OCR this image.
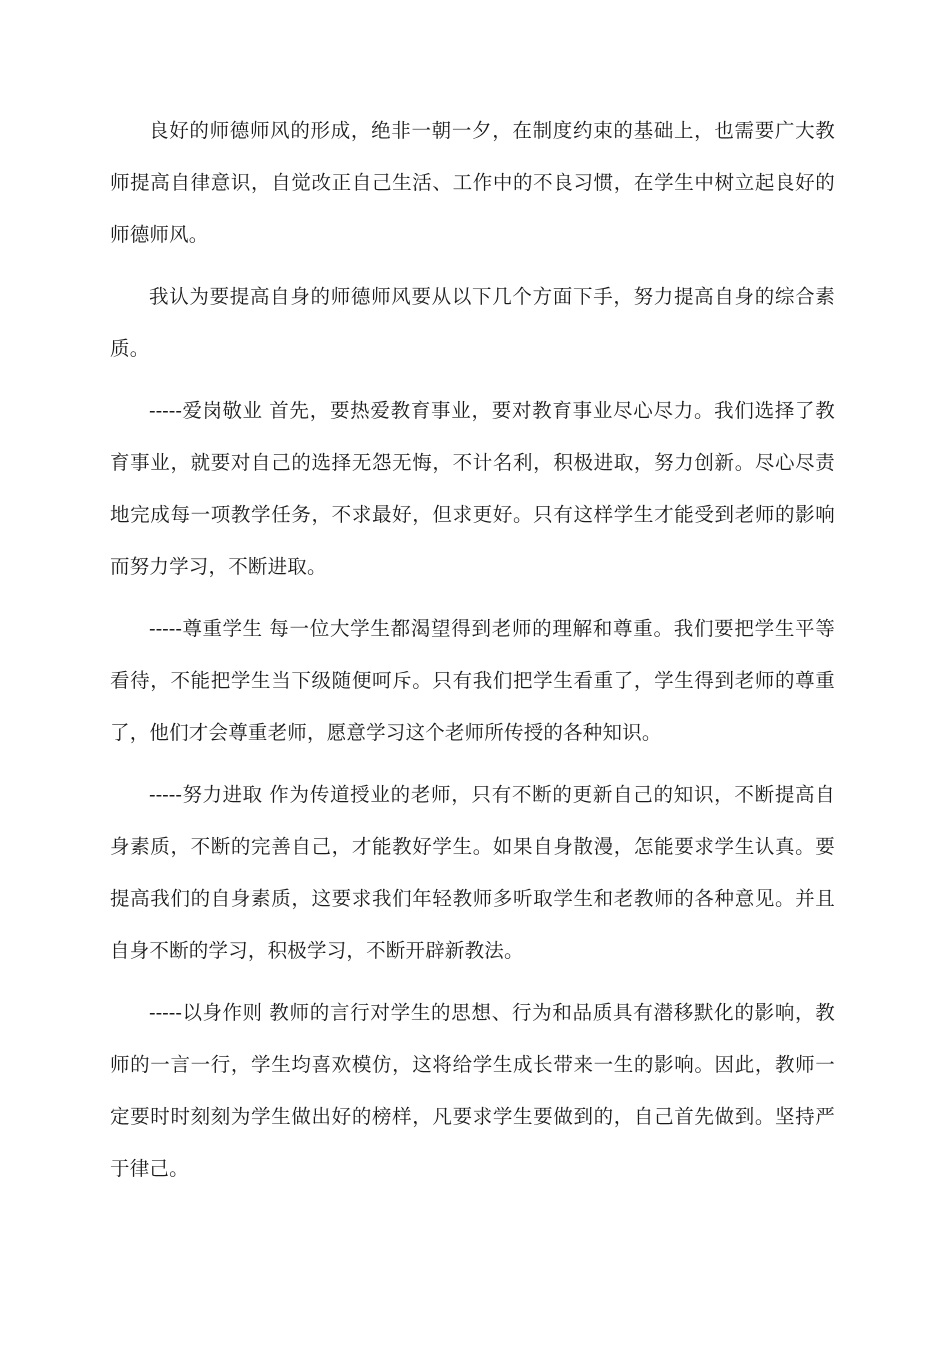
良好的师德师风的形成，绝非一朝一夕，在制度约束的基础上，也需要广大教师提高自律意识，自觉改正自己生活、工作中的不良习惯，在学生中树立起良好的师德师风。

我认为要提高自身的师德师风要从以下几个方面下手，努力提高自身的综合素质。

-----爱岗敬业 首先，要热爱教育事业，要对教育事业尽心尽力。我们选择了教育事业，就要对自己的选择无怨无悔，不计名利，积极进取，努力创新。尽心尽责地完成每一项教学任务，不求最好，但求更好。只有这样学生才能受到老师的影响而努力学习，不断进取。

-----尊重学生 每一位大学生都渴望得到老师的理解和尊重。我们要把学生平等看待，不能把学生当下级随便呵斥。只有我们把学生看重了，学生得到老师的尊重了，他们才会尊重老师，愿意学习这个老师所传授的各种知识。

-----努力进取 作为传道授业的老师，只有不断的更新自己的知识，不断提高自身素质，不断的完善自己，才能教好学生。如果自身散漫，怎能要求学生认真。要提高我们的自身素质，这要求我们年轻教师多听取学生和老教师的各种意见。并且自身不断的学习，积极学习，不断开辟新教法。

-----以身作则 教师的言行对学生的思想、行为和品质具有潜移默化的影响，教师的一言一行，学生均喜欢模仿，这将给学生成长带来一生的影响。因此，教师一定要时时刻刻为学生做出好的榜样，凡要求学生要做到的，自己首先做到。坚持严于律己。
